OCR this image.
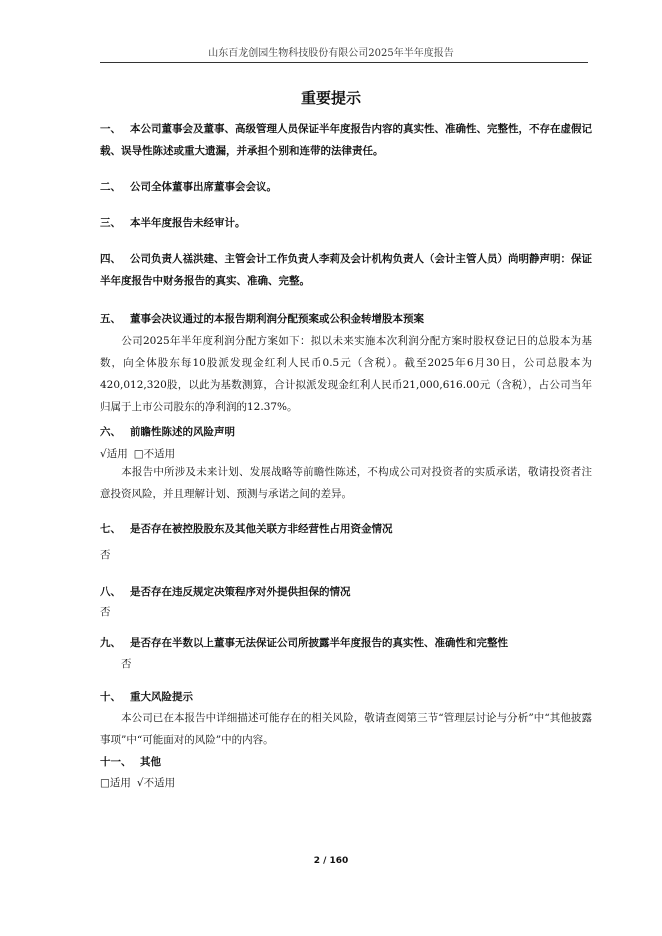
山东百龙创园生物科技股份有限公司2025年半年度报告
重要提示
一、 本公司董事会及董事、高级管理人员保证半年度报告内容的真实性、准确性、完整性，不存在虚假记载、误导性陈述或重大遗漏，并承担个别和连带的法律责任。
二、 公司全体董事出席董事会会议。
三、 本半年度报告未经审计。
四、 公司负责人禚洪建、主管会计工作负责人李莉及会计机构负责人（会计主管人员）尚明静声明：保证半年度报告中财务报告的真实、准确、完整。
五、 董事会决议通过的本报告期利润分配预案或公积金转增股本预案
公司2025年半年度利润分配方案如下：拟以未来实施本次利润分配方案时股权登记日的总股本为基数，向全体股东每10股派发现金红利人民币0.5元（含税）。截至2025年6月30日，公司总股本为420,012,320股，以此为基数测算，合计拟派发现金红利人民币21,000,616.00元（含税），占公司当年归属于上市公司股东的净利润的12.37%。
六、 前瞻性陈述的风险声明
√适用 □不适用
本报告中所涉及未来计划、发展战略等前瞻性陈述，不构成公司对投资者的实质承诺，敬请投资者注意投资风险，并且理解计划、预测与承诺之间的差异。
七、 是否存在被控股股东及其他关联方非经营性占用资金情况
否
八、 是否存在违反规定决策程序对外提供担保的情况
否
九、 是否存在半数以上董事无法保证公司所披露半年度报告的真实性、准确性和完整性
否
十、 重大风险提示
本公司已在本报告中详细描述可能存在的相关风险，敬请查阅第三节“管理层讨论与分析”中“其他披露事项”中“可能面对的风险”中的内容。
十一、 其他
□适用 √不适用
2 / 160
